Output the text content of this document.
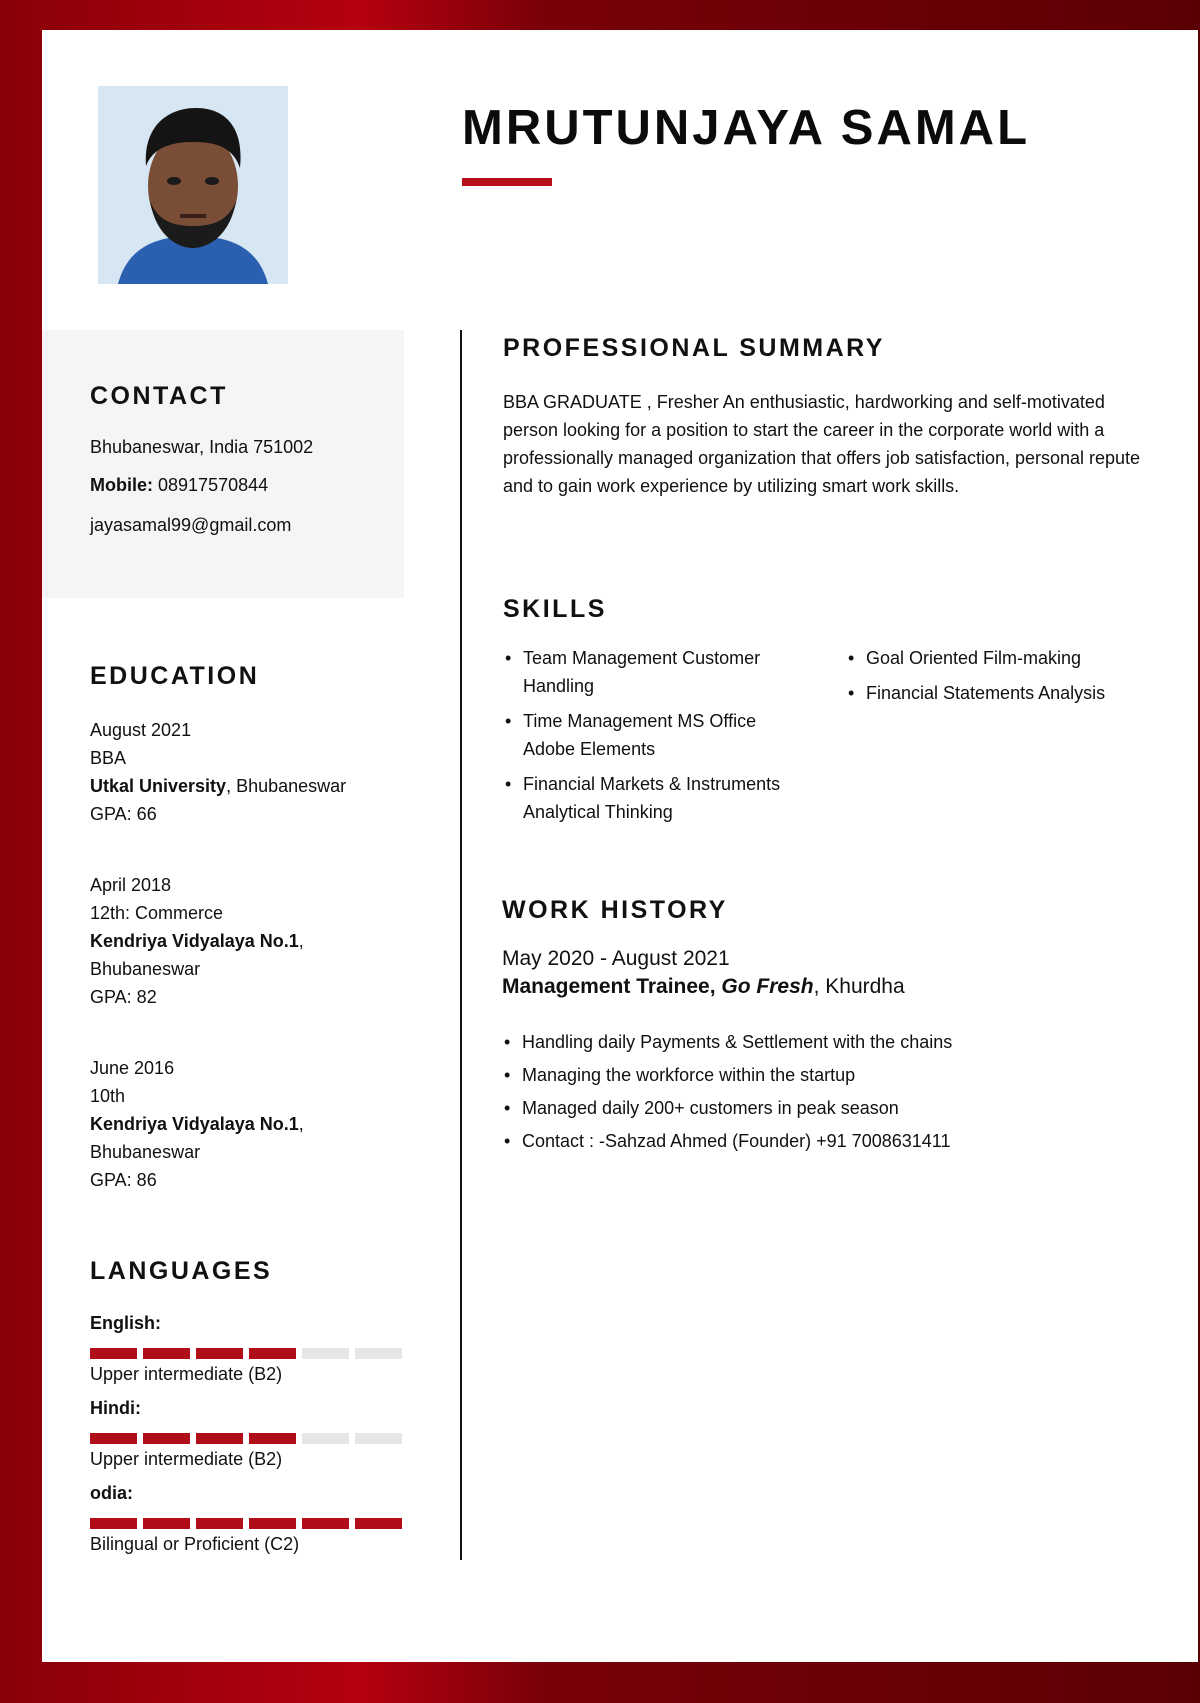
MRUTUNJAYA SAMAL
CONTACT
Bhubaneswar, India 751002
Mobile: 08917570844
jayasamal99@gmail.com
EDUCATION
August 2021
BBA
Utkal University, Bhubaneswar
GPA: 66
April 2018
12th: Commerce
Kendriya Vidyalaya No.1,
Bhubaneswar
GPA: 82
June 2016
10th
Kendriya Vidyalaya No.1,
Bhubaneswar
GPA: 86
LANGUAGES
English:
Upper intermediate (B2)
Hindi:
Upper intermediate (B2)
odia:
Bilingual or Proficient (C2)
PROFESSIONAL SUMMARY
BBA GRADUATE , Fresher An enthusiastic, hardworking and self-motivated person looking for a position to start the career in the corporate world with a professionally managed organization that offers job satisfaction, personal repute and to gain work experience by utilizing smart work skills.
SKILLS
• Team Management Customer Handling
• Time Management MS Office Adobe Elements
• Financial Markets & Instruments Analytical Thinking
• Goal Oriented Film-making
• Financial Statements Analysis
WORK HISTORY
May 2020 - August 2021
Management Trainee, Go Fresh, Khurdha
• Handling daily Payments & Settlement with the chains
• Managing the workforce within the startup
• Managed daily 200+ customers in peak season
• Contact : -Sahzad Ahmed (Founder) +91 7008631411
